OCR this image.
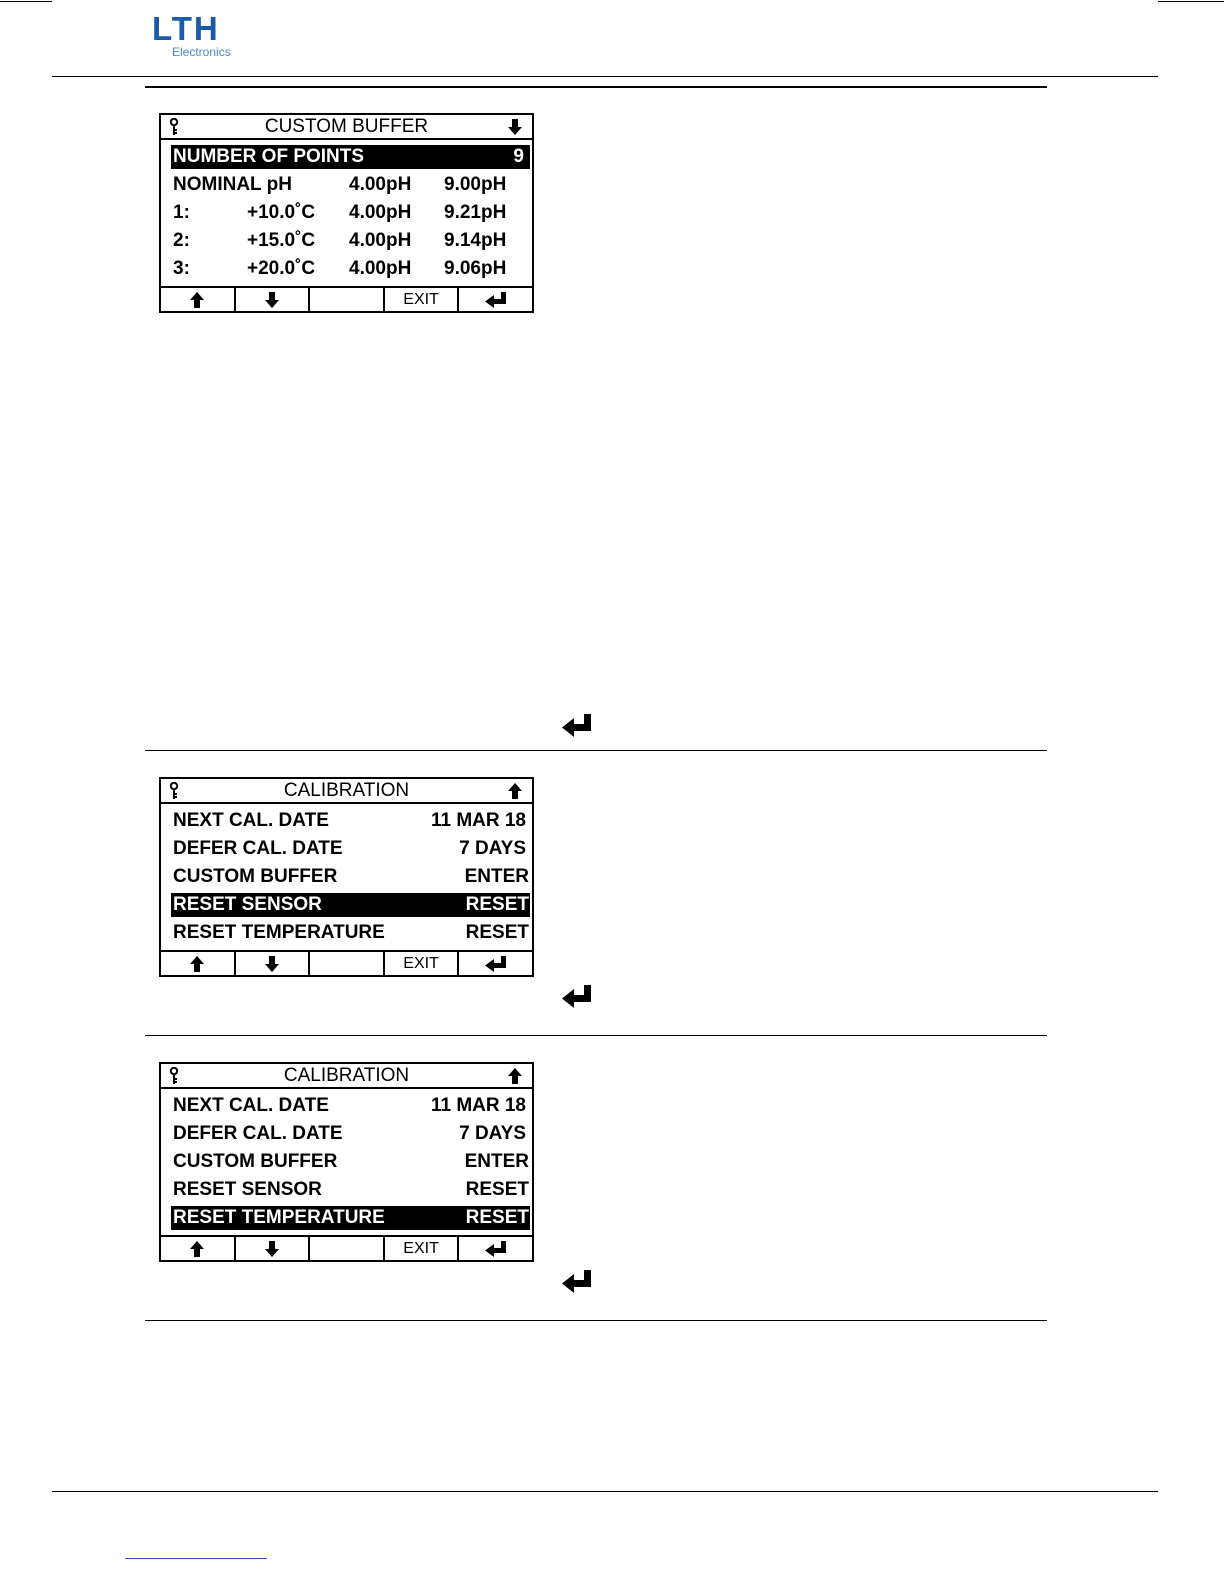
LTH
Electronics
CUSTOM BUFFER
NUMBER OF POINTS	9
NOMINAL pH	4.00pH 9.00pH
1:	+10.0˚C 4.00pH 9.21pH
2:	+15.0˚C 4.00pH 9.14pH
3:	+20.0˚C 4.00pH 9.06pH
EXIT
CALIBRATION
NEXT CAL. DATE	11 MAR 18
DEFER CAL. DATE	7 DAYS
CUSTOM BUFFER	ENTER
RESET SENSOR	RESET
RESET TEMPERATURE	RESET
EXIT
CALIBRATION
NEXT CAL. DATE	11 MAR 18
DEFER CAL. DATE	7 DAYS
CUSTOM BUFFER	ENTER
RESET SENSOR	RESET
RESET TEMPERATURE	RESET
EXIT
